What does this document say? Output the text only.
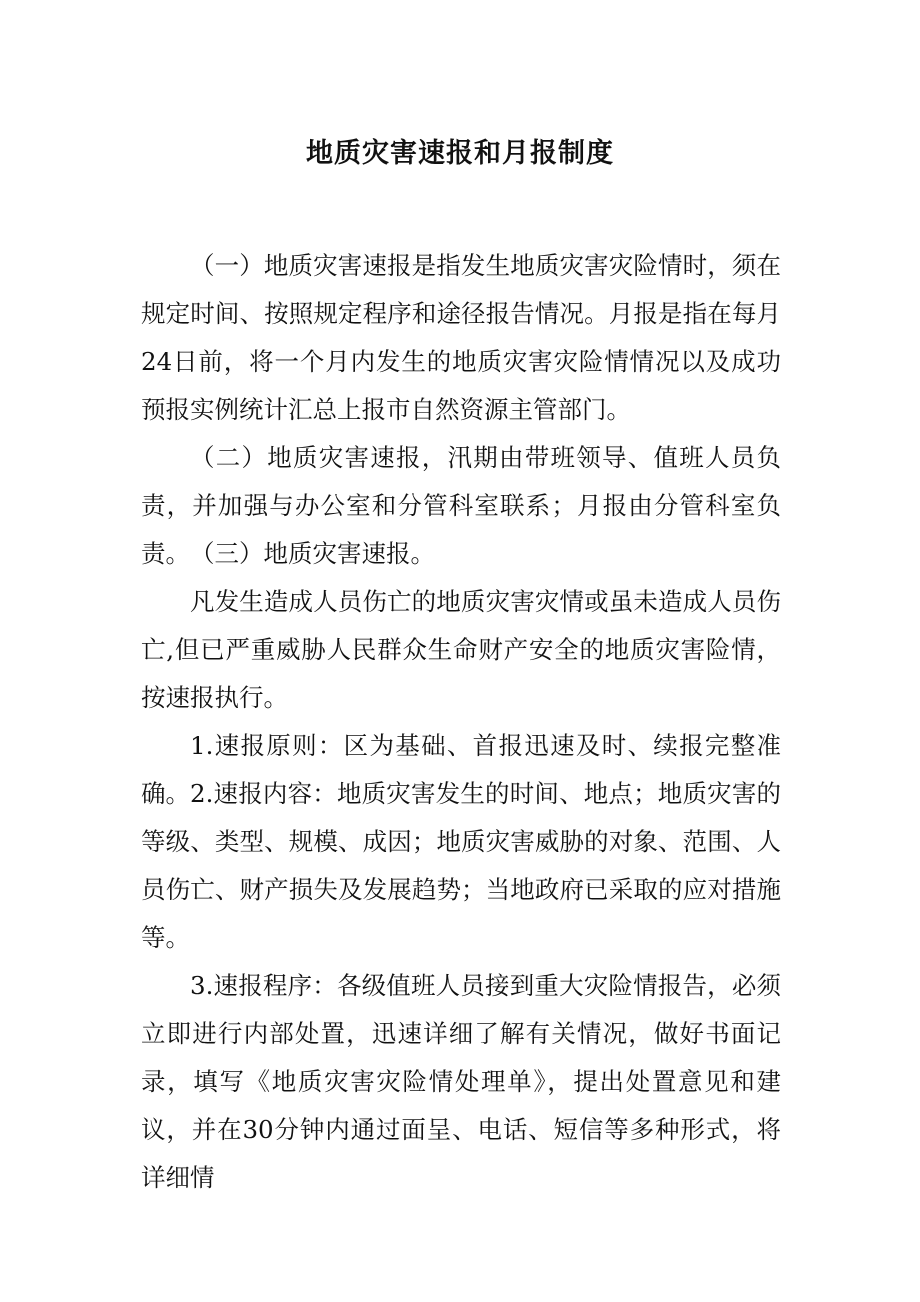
地质灾害速报和月报制度

（一）地质灾害速报是指发生地质灾害灾险情时，须在规定时间、按照规定程序和途径报告情况。月报是指在每月24日前，将一个月内发生的地质灾害灾险情情况以及成功预报实例统计汇总上报市自然资源主管部门。

（二）地质灾害速报，汛期由带班领导、值班人员负责，并加强与办公室和分管科室联系；月报由分管科室负责。 （三）地质灾害速报。

凡发生造成人员伤亡的地质灾害灾情或虽未造成人员伤亡,但已严重威胁人民群众生命财产安全的地质灾害险情，按速报执行。

1.速报原则：区为基础、首报迅速及时、续报完整准确。 2.速报内容：地质灾害发生的时间、地点；地质灾害的等级、类型、规模、成因；地质灾害威胁的对象、范围、人员伤亡、财产损失及发展趋势；当地政府已采取的应对措施等。

3.速报程序：各级值班人员接到重大灾险情报告，必须立即进行内部处置，迅速详细了解有关情况，做好书面记录，填写《地质灾害灾险情处理单》，提出处置意见和建议，并在30分钟内通过面呈、电话、短信等多种形式，将详细情
